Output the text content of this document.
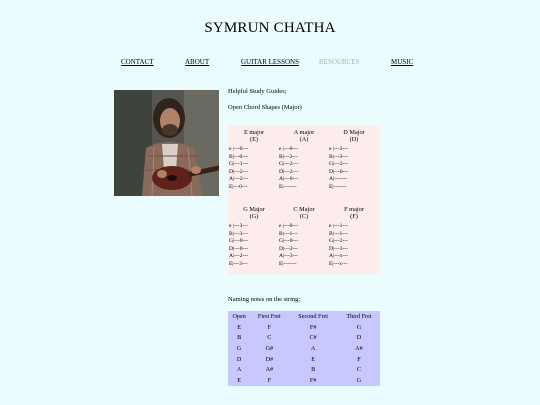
SYMRUN CHATHA
CONTACT	ABOUT	GUITAR LESSONS	RESOURCES	MUSIC
Helpful Study Guides;
Open Chord Shapes (Major)
E major
(E)
e |---0---
B|---0---
G|---1---
D|---2---
A|---2---
E|---0---
A major
(A)
e |---0---
B|---2---
G|---2---
D|---2---
A|---0---
E|-------
D Major
(D)
e |---2---
B|---3---
G|---2---
D|---0---
A|-------
E|-------
G Major
(G)
e |---3---
B|---3---
G|---0---
D|---0---
A|---2---
E|---3---
C Major
(C)
e |---0---
B|---1---
G|---0---
D|---2---
A|---3---
E|-------
F major
(F)
e |---1---
B|---1---
G|---2---
D|---3---
A|---x---
E|---x---
Naming notes on the string;
Open	First Fret	Second Fret	Third Fret
E	F	F#	G
B	C	C#	D
G	G#	A	A#
D	D#	E	F
A	A#	B	C
E	F	F#	G
